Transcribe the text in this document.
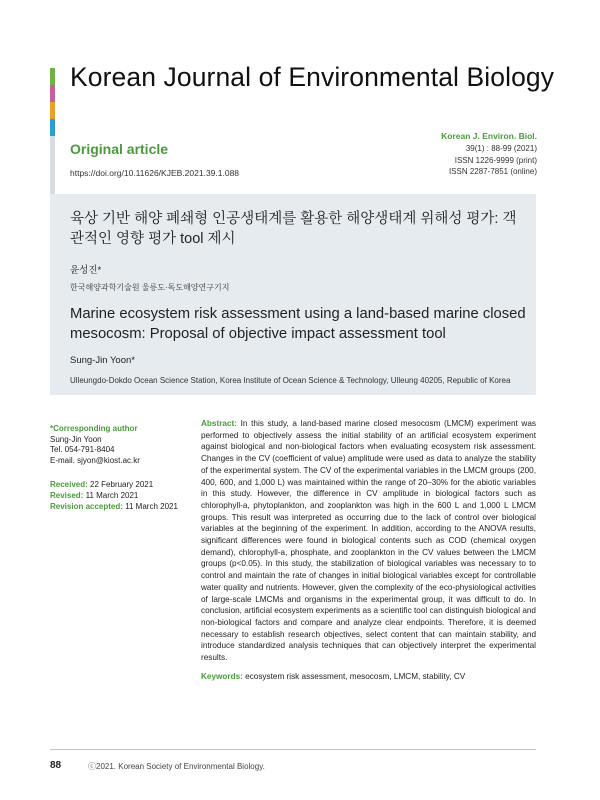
Korean Journal of Environmental Biology
Original article
https://doi.org/10.11626/KJEB.2021.39.1.088
Korean J. Environ. Biol.
39(1) : 88-99 (2021)
ISSN 1226-9999 (print)
ISSN 2287-7851 (online)
육상 기반 해양 폐쇄형 인공생태계를 활용한 해양생태계 위해성 평가: 객관적인 영향 평가 tool 제시
윤성진*
한국해양과학기술원 울릉도·독도해양연구기지
Marine ecosystem risk assessment using a land-based marine closed mesocosm: Proposal of objective impact assessment tool
Sung-Jin Yoon*
Ulleungdo-Dokdo Ocean Science Station, Korea Institute of Ocean Science & Technology, Ulleung 40205, Republic of Korea
*Corresponding author
Sung-Jin Yoon
Tel. 054-791-8404
E-mail. sjyon@kiost.ac.kr
Received: 22 February 2021
Revised: 11 March 2021
Revision accepted: 11 March 2021
Abstract: In this study, a land-based marine closed mesocosm (LMCM) experiment was performed to objectively assess the initial stability of an artificial ecosystem experiment against biological and non-biological factors when evaluating ecosystem risk assessment. Changes in the CV (coefficient of value) amplitude were used as data to analyze the stability of the experimental system. The CV of the experimental variables in the LMCM groups (200, 400, 600, and 1,000 L) was maintained within the range of 20–30% for the abiotic variables in this study. However, the difference in CV amplitude in biological factors such as chlorophyll-a, phytoplankton, and zooplankton was high in the 600 L and 1,000 L LMCM groups. This result was interpreted as occurring due to the lack of control over biological variables at the beginning of the experiment. In addition, according to the ANOVA results, significant differences were found in biological contents such as COD (chemical oxygen demand), chlorophyll-a, phosphate, and zooplankton in the CV values between the LMCM groups (p<0.05). In this study, the stabilization of biological variables was necessary to to control and maintain the rate of changes in initial biological variables except for controllable water quality and nutrients. However, given the complexity of the eco-physiological activities of large-scale LMCMs and organisms in the experimental group, it was difficult to do. In conclusion, artificial ecosystem experiments as a scientific tool can distinguish biological and non-biological factors and compare and analyze clear endpoints. Therefore, it is deemed necessary to establish research objectives, select content that can maintain stability, and introduce standardized analysis techniques that can objectively interpret the experimental results.
Keywords: ecosystem risk assessment, mesocosm, LMCM, stability, CV
88	ⓒ2021. Korean Society of Environmental Biology.
